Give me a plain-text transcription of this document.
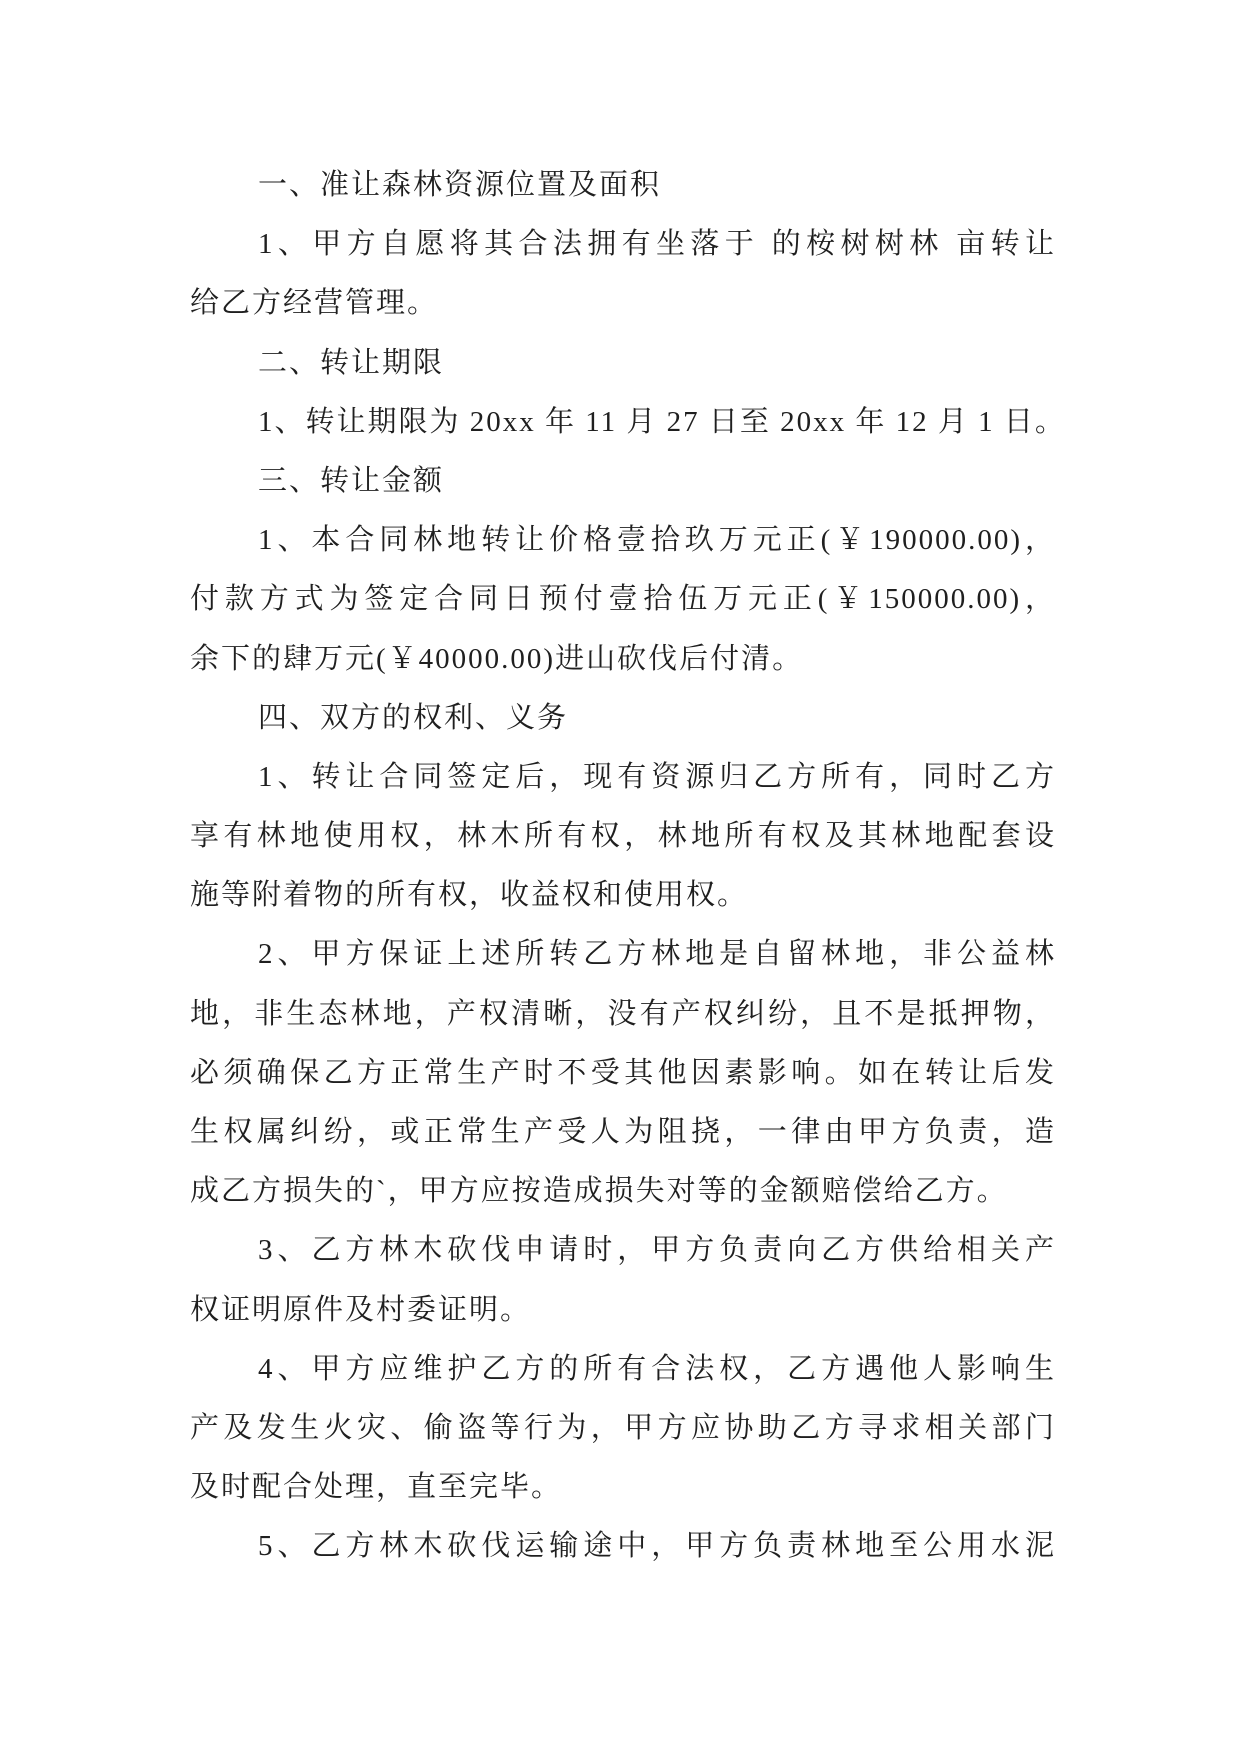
一、准让森林资源位置及面积
1、甲方自愿将其合法拥有坐落于 的桉树树林 亩转让
给乙方经营管理。
二、转让期限
1、转让期限为 20xx 年 11 月 27 日至 20xx 年 12 月 1 日。
三、转让金额
1、本合同林地转让价格壹拾玖万元正(￥190000.00)，
付款方式为签定合同日预付壹拾伍万元正(￥150000.00)，
余下的肆万元(￥40000.00)进山砍伐后付清。
四、双方的权利、义务
1、转让合同签定后，现有资源归乙方所有，同时乙方
享有林地使用权，林木所有权，林地所有权及其林地配套设
施等附着物的所有权，收益权和使用权。
2、甲方保证上述所转乙方林地是自留林地，非公益林
地，非生态林地，产权清晰，没有产权纠纷，且不是抵押物，
必须确保乙方正常生产时不受其他因素影响。如在转让后发
生权属纠纷，或正常生产受人为阻挠，一律由甲方负责，造
成乙方损失的`，甲方应按造成损失对等的金额赔偿给乙方。
3、乙方林木砍伐申请时，甲方负责向乙方供给相关产
权证明原件及村委证明。
4、甲方应维护乙方的所有合法权，乙方遇他人影响生
产及发生火灾、偷盗等行为，甲方应协助乙方寻求相关部门
及时配合处理，直至完毕。
5、乙方林木砍伐运输途中，甲方负责林地至公用水泥
